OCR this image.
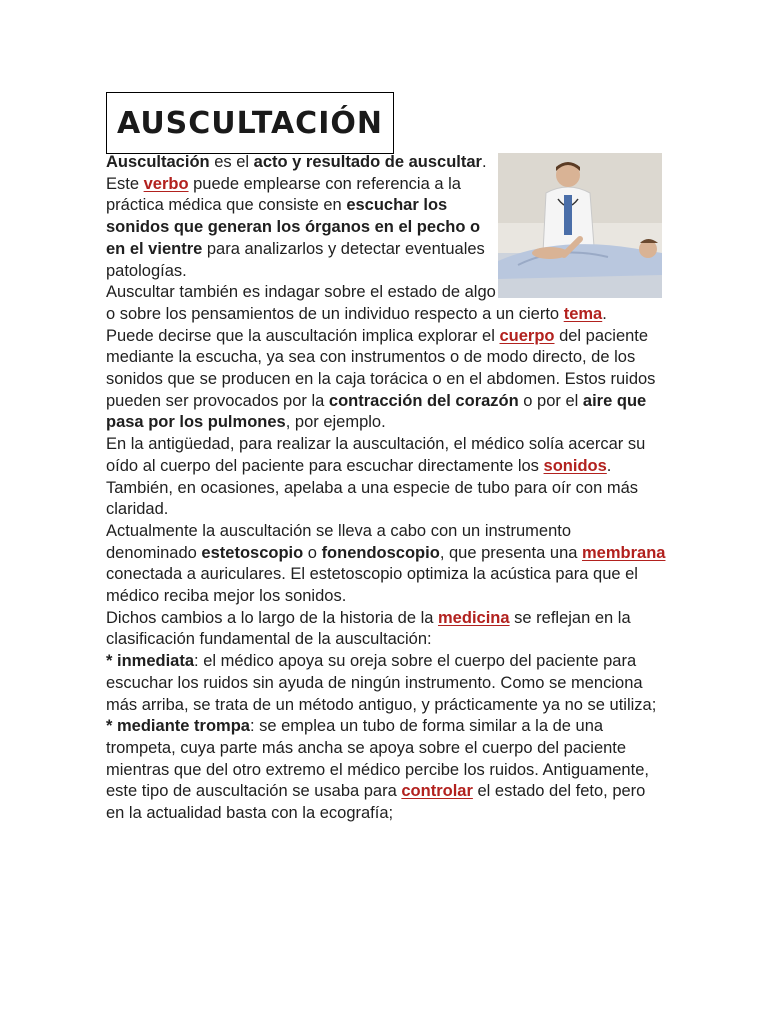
AUSCULTACIÓN

Auscultación es el acto y resultado de auscultar. Este verbo puede emplearse con referencia a la práctica médica que consiste en escuchar los sonidos que generan los órganos en el pecho o en el vientre para analizarlos y detectar eventuales patologías.

Auscultar también es indagar sobre el estado de algo o sobre los pensamientos de un individuo respecto a un cierto tema.

Puede decirse que la auscultación implica explorar el cuerpo del paciente mediante la escucha, ya sea con instrumentos o de modo directo, de los sonidos que se producen en la caja torácica o en el abdomen. Estos ruidos pueden ser provocados por la contracción del corazón o por el aire que pasa por los pulmones, por ejemplo.

En la antigüedad, para realizar la auscultación, el médico solía acercar su oído al cuerpo del paciente para escuchar directamente los sonidos. También, en ocasiones, apelaba a una especie de tubo para oír con más claridad.

Actualmente la auscultación se lleva a cabo con un instrumento denominado estetoscopio o fonendoscopio, que presenta una membrana conectada a auriculares. El estetoscopio optimiza la acústica para que el médico reciba mejor los sonidos.

Dichos cambios a lo largo de la historia de la medicina se reflejan en la clasificación fundamental de la auscultación:

* inmediata: el médico apoya su oreja sobre el cuerpo del paciente para escuchar los ruidos sin ayuda de ningún instrumento. Como se menciona más arriba, se trata de un método antiguo, y prácticamente ya no se utiliza;

* mediante trompa: se emplea un tubo de forma similar a la de una trompeta, cuya parte más ancha se apoya sobre el cuerpo del paciente mientras que del otro extremo el médico percibe los ruidos. Antiguamente, este tipo de auscultación se usaba para controlar el estado del feto, pero en la actualidad basta con la ecografía;
